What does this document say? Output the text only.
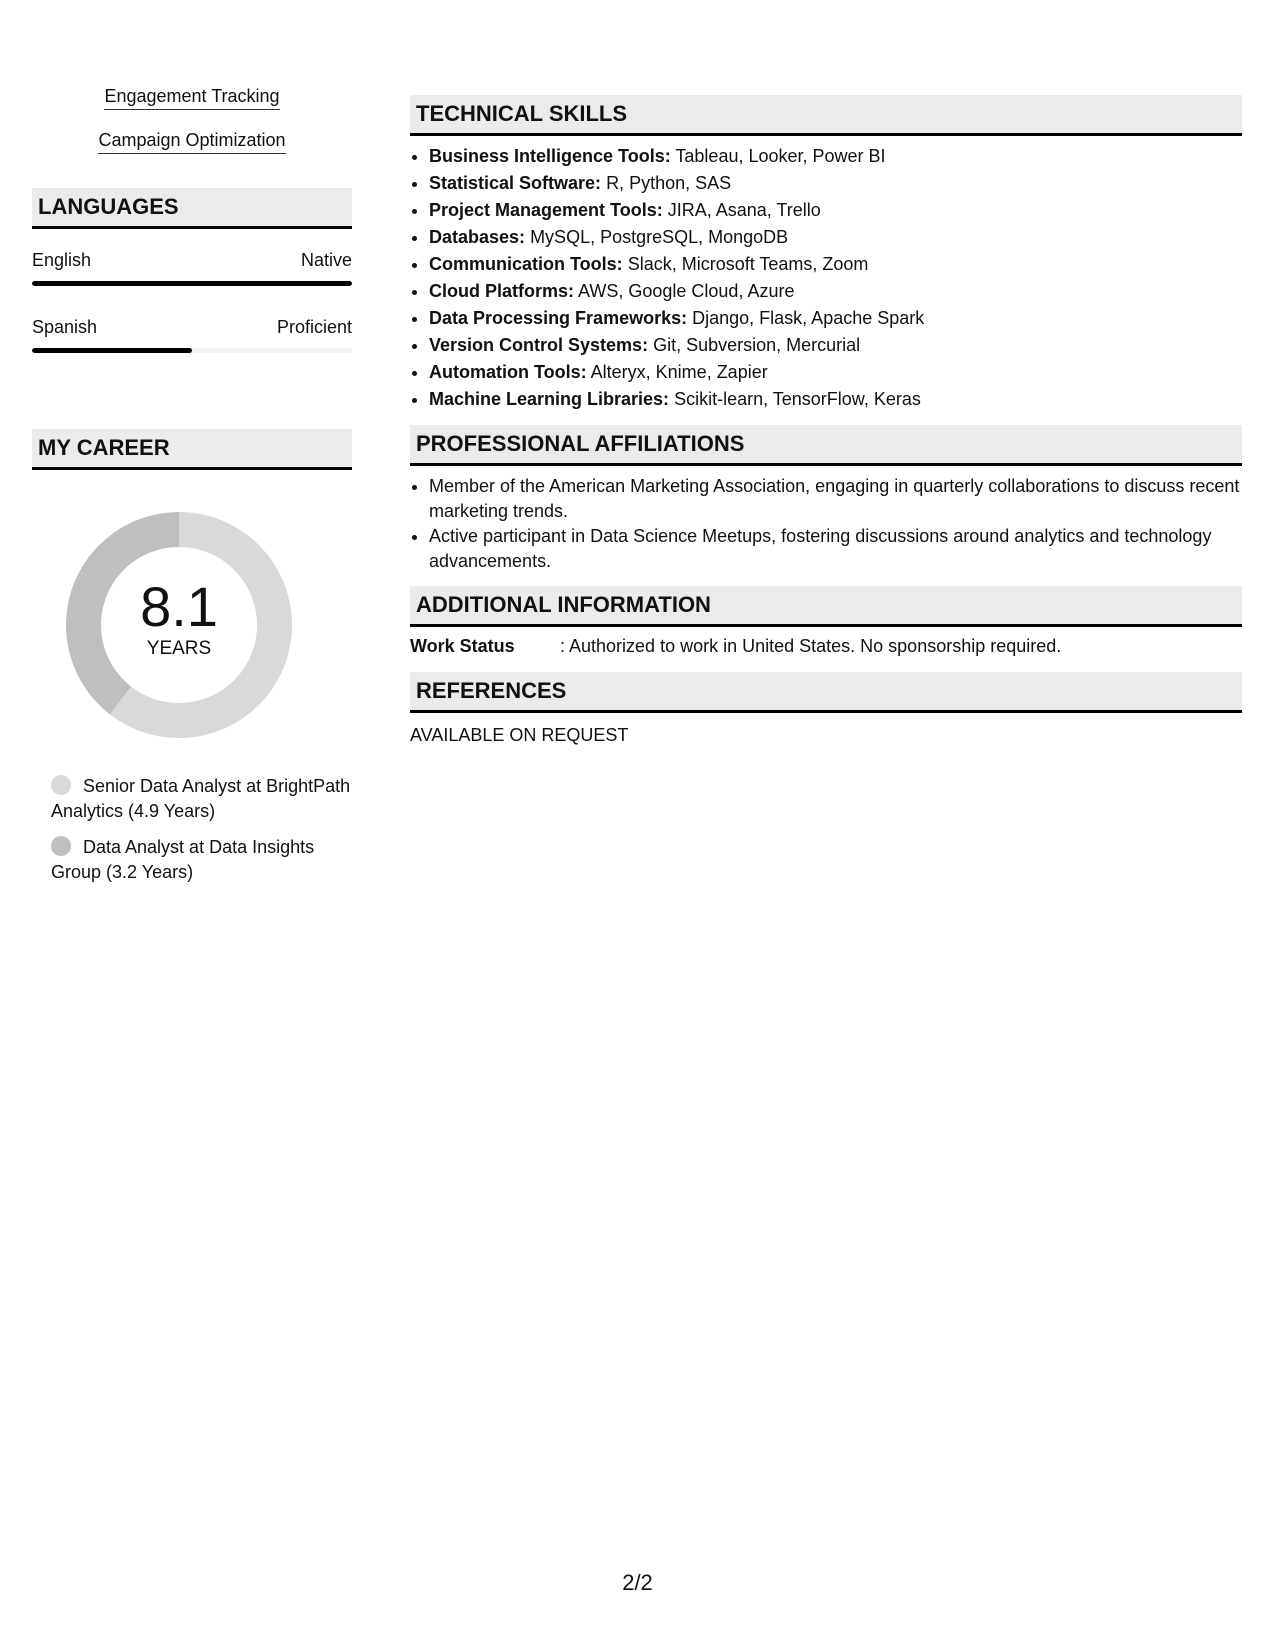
Engagement Tracking
Campaign Optimization
LANGUAGES
English	Native
Spanish	Proficient
MY CAREER
8.1
YEARS
Senior Data Analyst at BrightPath Analytics (4.9 Years)
Data Analyst at Data Insights Group (3.2 Years)
TECHNICAL SKILLS
• Business Intelligence Tools: Tableau, Looker, Power BI
• Statistical Software: R, Python, SAS
• Project Management Tools: JIRA, Asana, Trello
• Databases: MySQL, PostgreSQL, MongoDB
• Communication Tools: Slack, Microsoft Teams, Zoom
• Cloud Platforms: AWS, Google Cloud, Azure
• Data Processing Frameworks: Django, Flask, Apache Spark
• Version Control Systems: Git, Subversion, Mercurial
• Automation Tools: Alteryx, Knime, Zapier
• Machine Learning Libraries: Scikit-learn, TensorFlow, Keras
PROFESSIONAL AFFILIATIONS
• Member of the American Marketing Association, engaging in quarterly collaborations to discuss recent marketing trends.
• Active participant in Data Science Meetups, fostering discussions around analytics and technology advancements.
ADDITIONAL INFORMATION
Work Status	: Authorized to work in United States. No sponsorship required.
REFERENCES
AVAILABLE ON REQUEST
2/2
